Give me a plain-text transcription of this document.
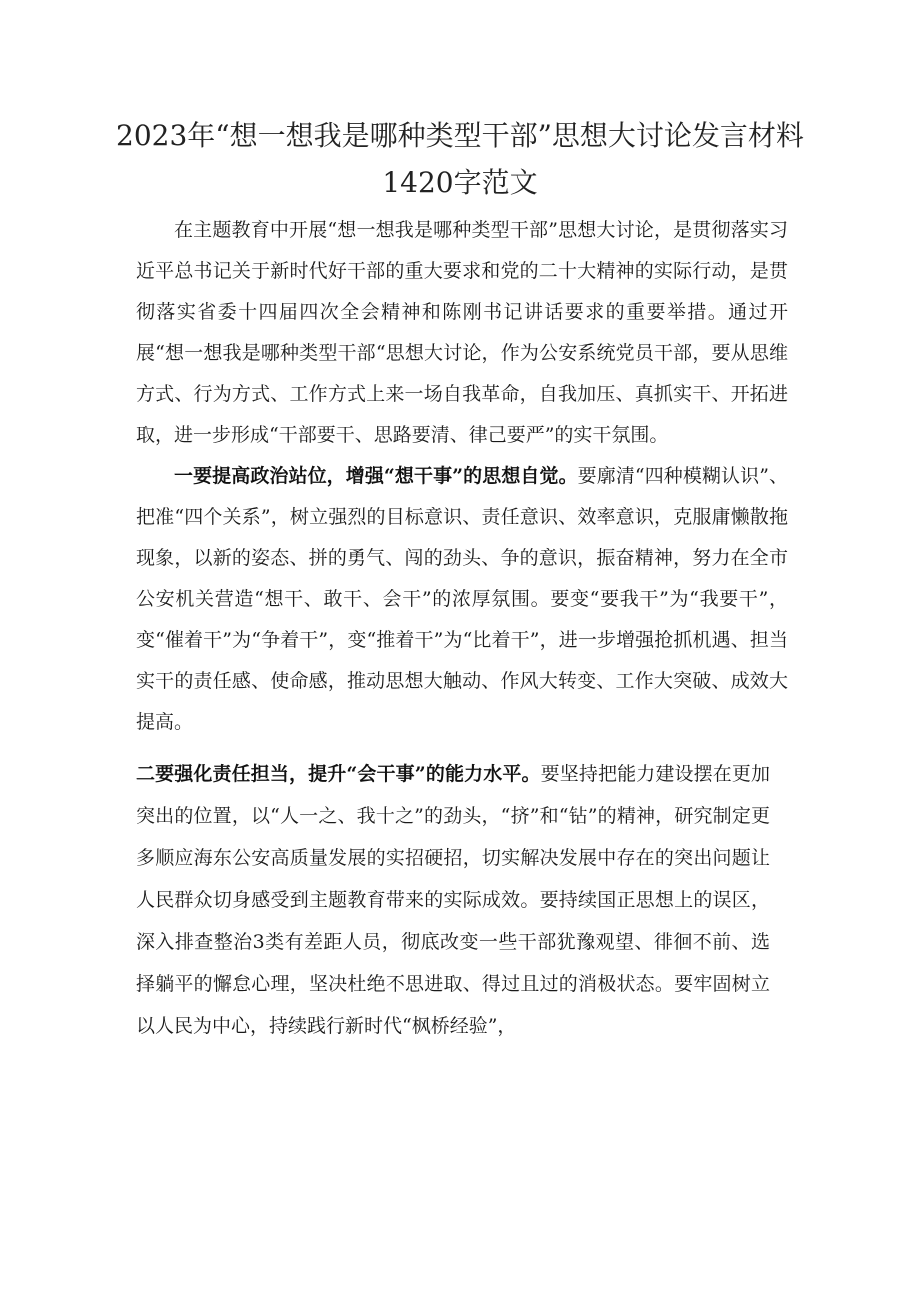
2023年“想一想我是哪种类型干部”思想大讨论发言材料1420字范文

在主题教育中开展“想一想我是哪种类型干部”思想大讨论，是贯彻落实习近平总书记关于新时代好干部的重大要求和党的二十大精神的实际行动，是贯彻落实省委十四届四次全会精神和陈刚书记讲话要求的重要举措。通过开展“想一想我是哪种类型干部“思想大讨论，作为公安系统党员干部，要从思维方式、行为方式、工作方式上来一场自我革命，自我加压、真抓实干、开拓进取，进一步形成“干部要干、思路要清、律己要严”的实干氛围。

一要提高政治站位，增强“想干事”的思想自觉。要廓清“四种模糊认识”、把准“四个关系”，树立强烈的目标意识、责任意识、效率意识，克服庸懒散拖现象，以新的姿态、拼的勇气、闯的劲头、争的意识，振奋精神，努力在全市公安机关营造“想干、敢干、会干”的浓厚氛围。要变“要我干”为“我要干”，变“催着干”为“争着干”，变“推着干”为“比着干”，进一步增强抢抓机遇、担当实干的责任感、使命感，推动思想大触动、作风大转变、工作大突破、成效大提高。

二要强化责任担当，提升“会干事”的能力水平。要坚持把能力建设摆在更加突出的位置，以“人一之、我十之”的劲头，“挤”和“钻”的精神，研究制定更多顺应海东公安高质量发展的实招硬招，切实解决发展中存在的突出问题让人民群众切身感受到主题教育带来的实际成效。要持续国正思想上的误区，深入排查整治3类有差距人员，彻底改变一些干部犹豫观望、徘徊不前、选择躺平的懈怠心理，坚决杜绝不思进取、得过且过的消极状态。要牢固树立以人民为中心，持续践行新时代“枫桥经验”，
